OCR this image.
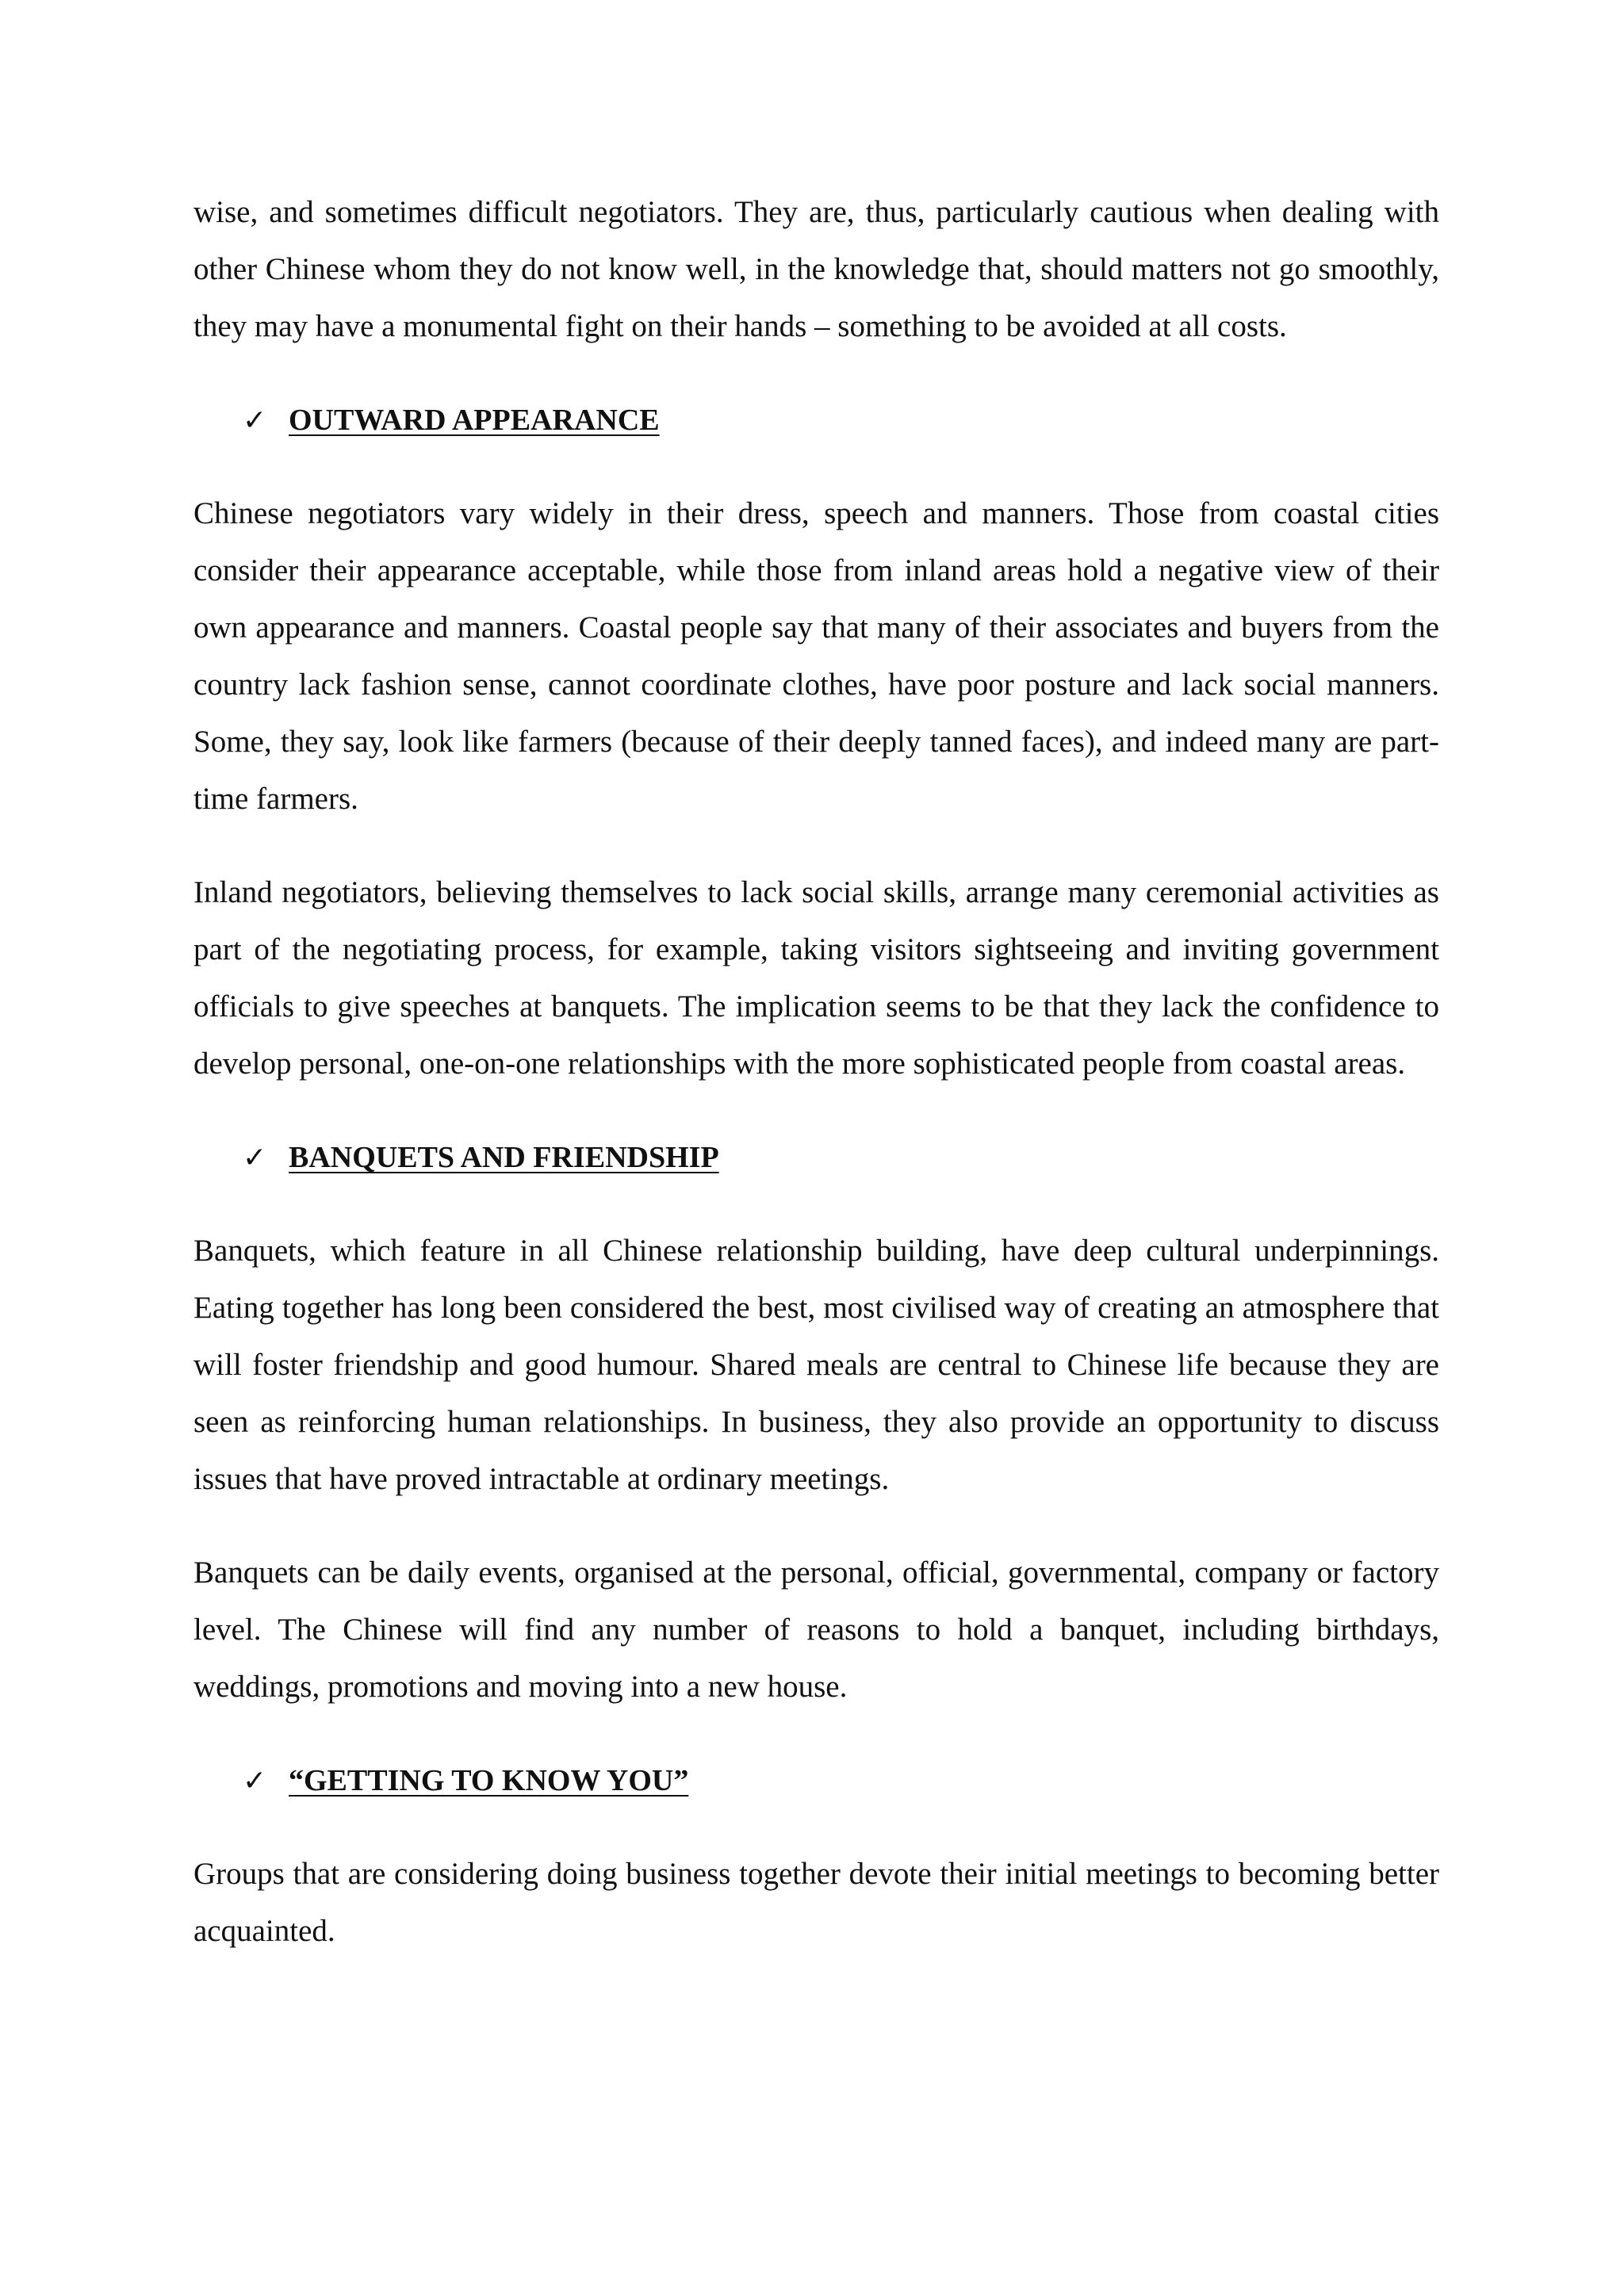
wise, and sometimes difficult negotiators. They are, thus, particularly cautious when dealing with other Chinese whom they do not know well, in the knowledge that, should matters not go smoothly, they may have a monumental fight on their hands – something to be avoided at all costs.

✓ OUTWARD APPEARANCE

Chinese negotiators vary widely in their dress, speech and manners. Those from coastal cities consider their appearance acceptable, while those from inland areas hold a negative view of their own appearance and manners. Coastal people say that many of their associates and buyers from the country lack fashion sense, cannot coordinate clothes, have poor posture and lack social manners. Some, they say, look like farmers (because of their deeply tanned faces), and indeed many are part-time farmers.

Inland negotiators, believing themselves to lack social skills, arrange many ceremonial activities as part of the negotiating process, for example, taking visitors sightseeing and inviting government officials to give speeches at banquets. The implication seems to be that they lack the confidence to develop personal, one-on-one relationships with the more sophisticated people from coastal areas.

✓ BANQUETS AND FRIENDSHIP

Banquets, which feature in all Chinese relationship building, have deep cultural underpinnings. Eating together has long been considered the best, most civilised way of creating an atmosphere that will foster friendship and good humour. Shared meals are central to Chinese life because they are seen as reinforcing human relationships. In business, they also provide an opportunity to discuss issues that have proved intractable at ordinary meetings.

Banquets can be daily events, organised at the personal, official, governmental, company or factory level. The Chinese will find any number of reasons to hold a banquet, including birthdays, weddings, promotions and moving into a new house.

✓ “GETTING TO KNOW YOU”

Groups that are considering doing business together devote their initial meetings to becoming better acquainted.
